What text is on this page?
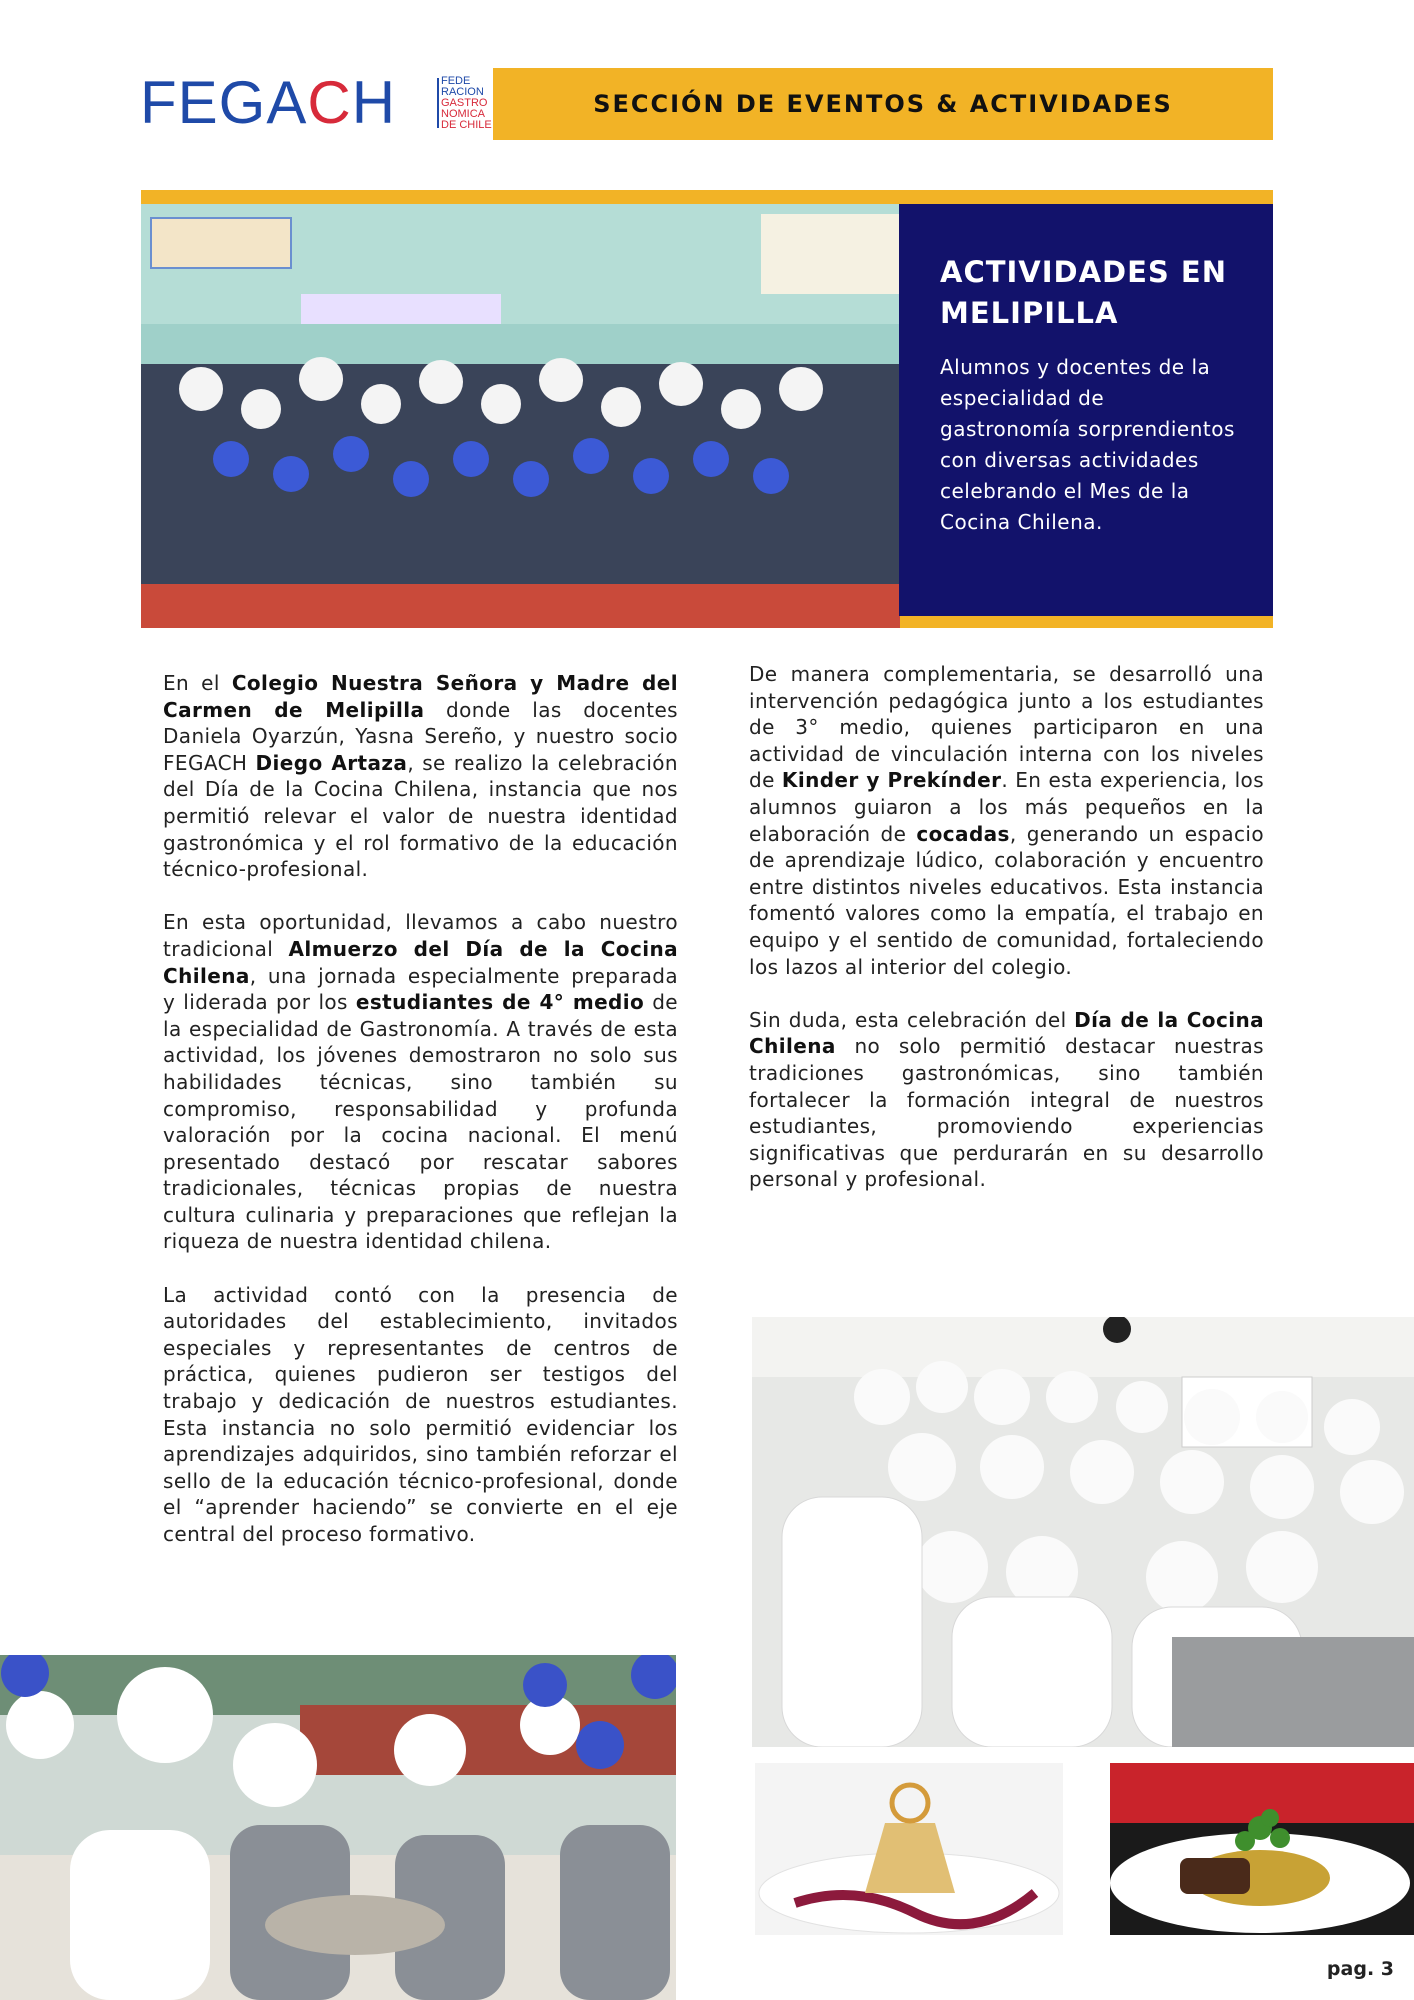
FEGACH	FEDE
RACION
GASTRO
NOMICA
DE CHILE
SECCIÓN DE EVENTOS & ACTIVIDADES
ACTIVIDADES EN MELIPILLA
Alumnos y docentes de la especialidad de gastronomía sorprendientos con diversas actividades celebrando el Mes de la Cocina Chilena.

En el Colegio Nuestra Señora y Madre del Carmen de Melipilla donde las docentes Daniela Oyarzún, Yasna Sereño, y nuestro socio FEGACH Diego Artaza, se realizo la celebración del Día de la Cocina Chilena, instancia que nos permitió relevar el valor de nuestra identidad gastronómica y el rol formativo de la educación técnico-profesional.

En esta oportunidad, llevamos a cabo nuestro tradicional Almuerzo del Día de la Cocina Chilena, una jornada especialmente preparada y liderada por los estudiantes de 4° medio de la especialidad de Gastronomía. A través de esta actividad, los jóvenes demostraron no solo sus habilidades técnicas, sino también su compromiso, responsabilidad y profunda valoración por la cocina nacional. El menú presentado destacó por rescatar sabores tradicionales, técnicas propias de nuestra cultura culinaria y preparaciones que reflejan la riqueza de nuestra identidad chilena.

La actividad contó con la presencia de autoridades del establecimiento, invitados especiales y representantes de centros de práctica, quienes pudieron ser testigos del trabajo y dedicación de nuestros estudiantes. Esta instancia no solo permitió evidenciar los aprendizajes adquiridos, sino también reforzar el sello de la educación técnico-profesional, donde el “aprender haciendo” se convierte en el eje central del proceso formativo.

De manera complementaria, se desarrolló una intervención pedagógica junto a los estudiantes de 3° medio, quienes participaron en una actividad de vinculación interna con los niveles de Kinder y Prekínder. En esta experiencia, los alumnos guiaron a los más pequeños en la elaboración de cocadas, generando un espacio de aprendizaje lúdico, colaboración y encuentro entre distintos niveles educativos. Esta instancia fomentó valores como la empatía, el trabajo en equipo y el sentido de comunidad, fortaleciendo los lazos al interior del colegio.

Sin duda, esta celebración del Día de la Cocina Chilena no solo permitió destacar nuestras tradiciones gastronómicas, sino también fortalecer la formación integral de nuestros estudiantes, promoviendo experiencias significativas que perdurarán en su desarrollo personal y profesional.

pag. 3
